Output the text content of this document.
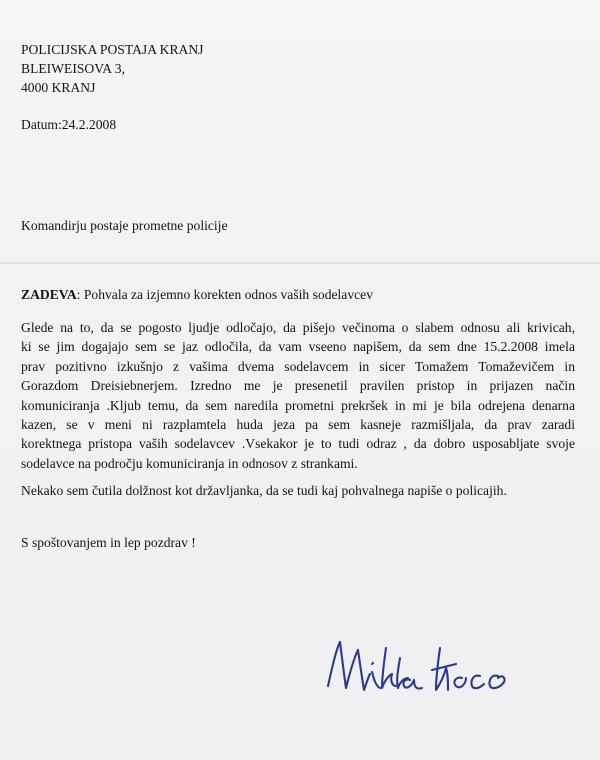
POLICIJSKA POSTAJA KRANJ
BLEIWEISOVA 3,
4000 KRANJ
Datum:24.2.2008
Komandirju postaje prometne policije
ZADEVA: Pohvala za izjemno korekten odnos vaših sodelavcev
Glede na to, da se pogosto ljudje odločajo, da pišejo večinoma o slabem odnosu ali krivicah,
ki se jim dogajajo sem se jaz odločila, da vam vseeno napišem, da sem dne 15.2.2008 imela
prav pozitivno izkušnjo z vašima dvema sodelavcem in sicer Tomažem Tomaževičem in
Gorazdom Dreisiebnerjem. Izredno me je presenetil pravilen pristop in prijazen način
komuniciranja .Kljub temu, da sem naredila prometni prekršek in mi je bila odrejena denarna
kazen, se v meni ni razplamtela huda jeza pa sem kasneje razmišljala, da prav zaradi
korektnega pristopa vaših sodelavcev .Vsekakor je to tudi odraz , da dobro usposabljate svoje
sodelavce na področju komuniciranja in odnosov z strankami.
Nekako sem čutila dolžnost kot državljanka, da se tudi kaj pohvalnega napiše o policajih.
S spoštovanjem in lep pozdrav !
